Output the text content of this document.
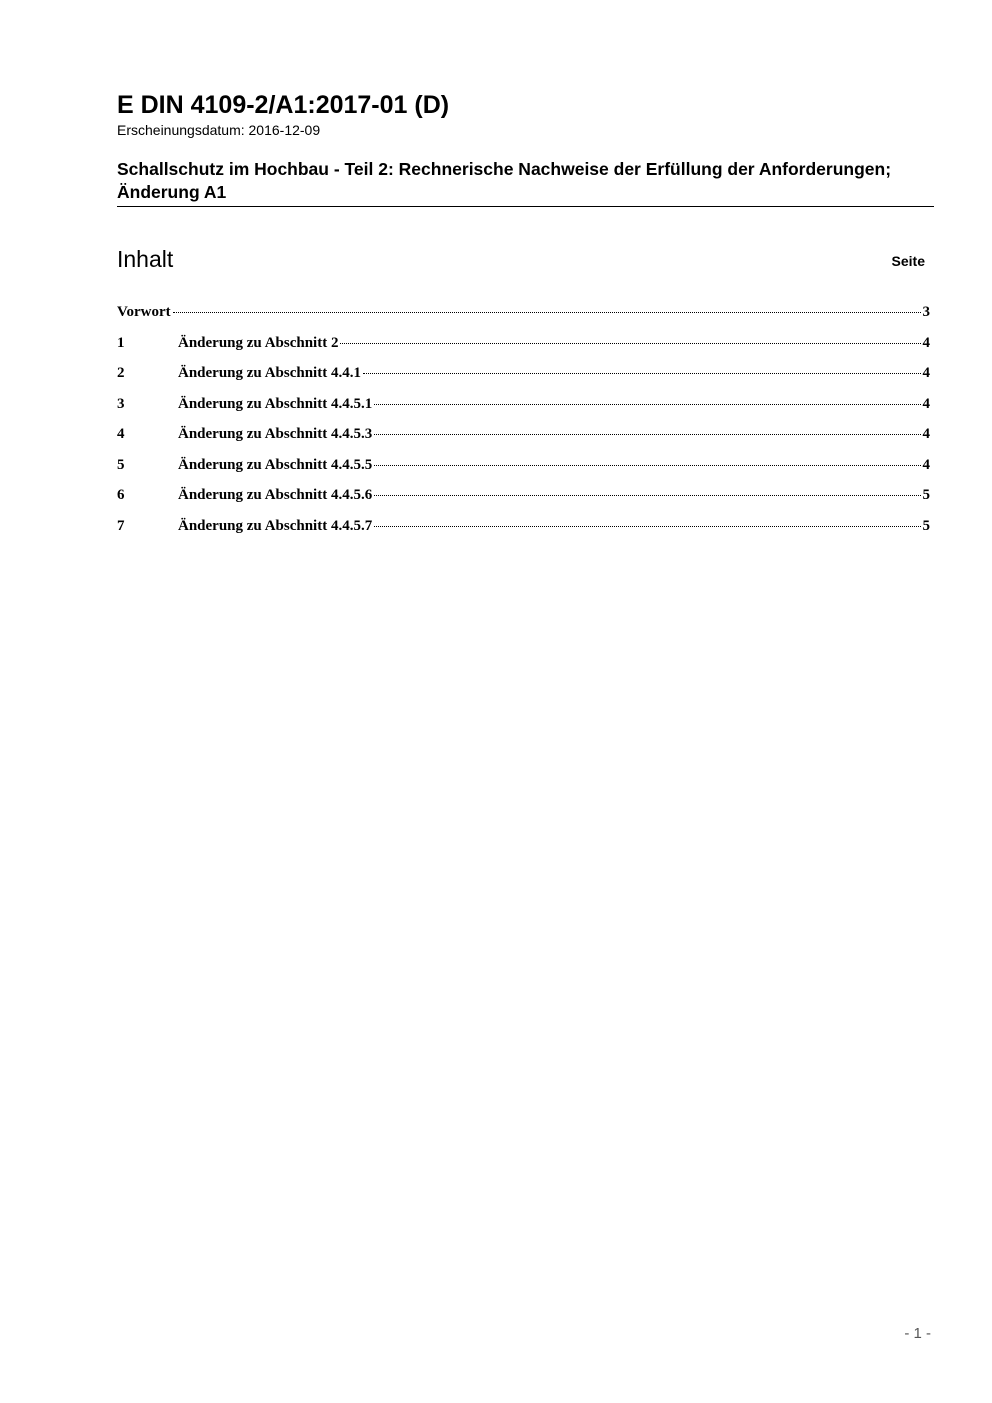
E DIN 4109-2/A1:2017-01 (D)
Erscheinungsdatum: 2016-12-09
Schallschutz im Hochbau - Teil 2: Rechnerische Nachweise der Erfüllung der Anforderungen; Änderung A1
Inhalt	Seite
Vorwort	3
1	Änderung zu Abschnitt 2	4
2	Änderung zu Abschnitt 4.4.1	4
3	Änderung zu Abschnitt 4.4.5.1	4
4	Änderung zu Abschnitt 4.4.5.3	4
5	Änderung zu Abschnitt 4.4.5.5	4
6	Änderung zu Abschnitt 4.4.5.6	5
7	Änderung zu Abschnitt 4.4.5.7	5
- 1 -
